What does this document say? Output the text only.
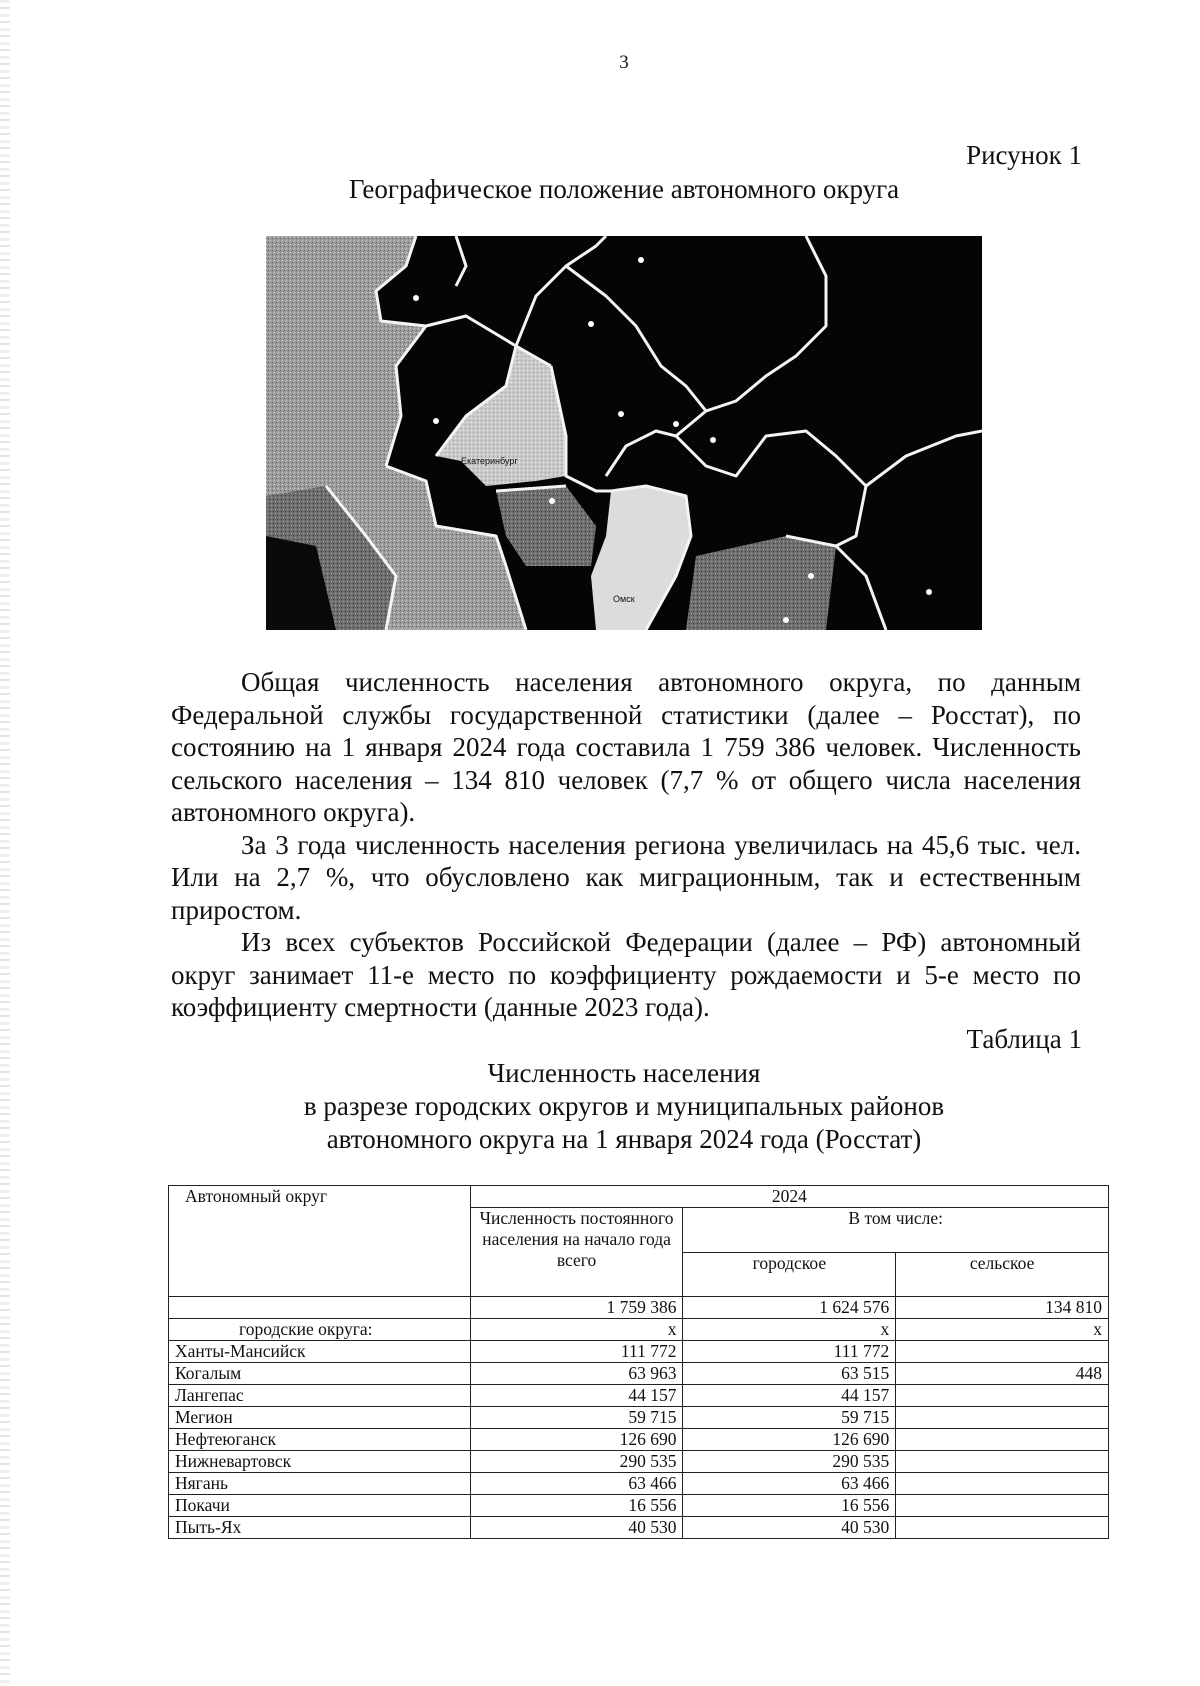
3
Рисунок 1
Географическое положение автономного округа
Екатеринбург
Омск

Общая численность населения автономного округа, по данным Федеральной службы государственной статистики (далее – Росстат), по состоянию на 1 января 2024 года составила 1 759 386 человек. Численность сельского населения – 134 810 человек (7,7 % от общего числа населения автономного округа).

За 3 года численность населения региона увеличилась на 45,6 тыс. чел. Или на 2,7 %, что обусловлено как миграционным, так и естественным приростом.

Из всех субъектов Российской Федерации (далее – РФ) автономный округ занимает 11-е место по коэффициенту рождаемости и 5-е место по коэффициенту смертности (данные 2023 года).

Таблица 1
Численность населения
в разрезе городских округов и муниципальных районов
автономного округа на 1 января 2024 года (Росстат)
Автономный округ	2024		
	Численность постоянного населения на начало года всего	В том числе:	
		городское	сельское
	1 759 386	1 624 576	134 810
городские округа:	х	х	х
Ханты-Мансийск	111 772	111 772	
Когалым	63 963	63 515	448
Лангепас	44 157	44 157	
Мегион	59 715	59 715	
Нефтеюганск	126 690	126 690	
Нижневартовск	290 535	290 535	
Нягань	63 466	63 466	
Покачи	16 556	16 556	
Пыть-Ях	40 530	40 530	
